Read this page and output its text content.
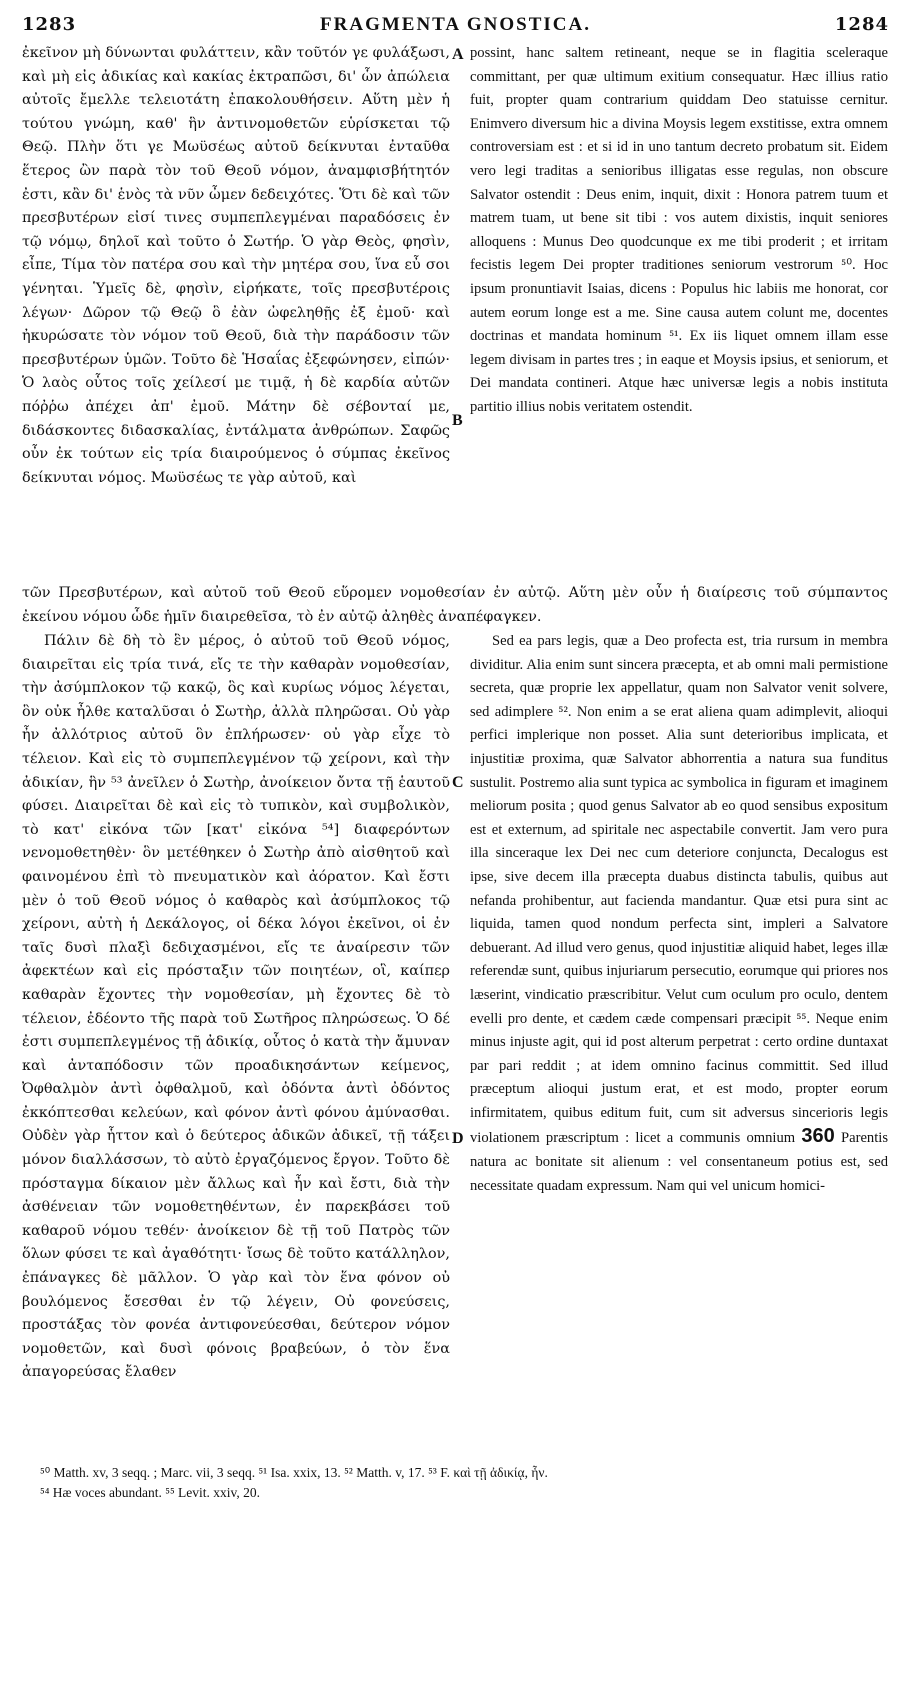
1283	FRAGMENTA GNOSTICA.	1284

ἐκεῖνον μὴ δύνωνται φυλάττειν, κἂν τοῦτόν γε φυλάξωσι, καὶ μὴ εἰς ἀδικίας καὶ κακίας ἐκτραπῶσι, δι' ὧν ἀπώλεια αὐτοῖς ἔμελλε τελειοτάτη ἐπακολουθήσειν. Αὕτη μὲν ἡ τούτου γνώμη, καθ' ἣν ἀντινομοθετῶν εὑρίσκεται τῷ Θεῷ. Πλὴν ὅτι γε Μωϋσέως αὐτοῦ δείκνυται ἐνταῦθα ἕτερος ὢν παρὰ τὸν τοῦ Θεοῦ νόμον, ἀναμφισβήτητόν ἐστι, κἂν δι' ἑνὸς τὰ νῦν ὦμεν δεδειχότες. Ὅτι δὲ καὶ τῶν πρεσβυτέρων εἰσί τινες συμπεπλεγμέναι παραδόσεις ἐν τῷ νόμῳ, δηλοῖ καὶ τοῦτο ὁ Σωτήρ. Ὁ γὰρ Θεὸς, φησὶν, εἶπε, Τίμα τὸν πατέρα σου καὶ τὴν μητέρα σου, ἵνα εὖ σοι γένηται. Ὑμεῖς δὲ, φησὶν, εἰρήκατε, τοῖς πρεσβυτέροις λέγων· Δῶρον τῷ Θεῷ ὃ ἐὰν ὠφεληθῇς ἐξ ἐμοῦ· καὶ ἠκυρώσατε τὸν νόμον τοῦ Θεοῦ, διὰ τὴν παράδοσιν τῶν πρεσβυτέρων ὑμῶν. Τοῦτο δὲ Ἡσαΐας ἐξεφώνησεν, εἰπών· Ὁ λαὸς οὗτος τοῖς χείλεσί με τιμᾷ, ἡ δὲ καρδία αὐτῶν πόῤῥω ἀπέχει ἀπ' ἐμοῦ. Μάτην δὲ σέβονταί με, διδάσκοντες διδασκαλίας, ἐντάλματα ἀνθρώπων. Σαφῶς οὖν ἐκ τούτων εἰς τρία διαιρούμενος ὁ σύμπας ἐκεῖνος δείκνυται νόμος. Μωϋσέως τε γὰρ αὐτοῦ, καὶ

possint, hanc saltem retineant, neque se in flagitia scelerаque committant, per quæ ultimum exitium consequatur. Hæc illius ratio fuit, propter quam contrarium quiddam Deo statuisse cernitur. Enimvero diversum hic a divina Moysis legem exstitisse, extra omnem controversiam est : et si id in uno tantum decreto probatum sit. Eidem vero legi traditas a senioribus illigatas esse regulas, non obscure Salvator ostendit : Deus enim, inquit, dixit : Honora patrem tuum et matrem tuam, ut bene sit tibi : vos autem dixistis, inquit seniores alloquens : Munus Deo quodcunque ex me tibi proderit ; et irritam fecistis legem Dei propter traditiones seniorum vestrorum ⁵⁰. Hoc ipsum pronuntiavit Isaias, dicens : Populus hic labiis me honorat, cor autem eorum longe est a me. Sine causa autem colunt me, docentes doctrinas et mandata hominum ⁵¹. Ex iis liquet omnem illam esse legem divisam in partes tres ; in eaque et Moysis ipsius, et seniorum, et Dei mandata contineri. Atque hæc universæ legis a nobis instituta partitio illius nobis veritatem ostendit.

A
B
C
D

τῶν Πρεσβυτέρων, καὶ αὐτοῦ τοῦ Θεοῦ εὕρομεν νομοθεσίαν ἐν αὐτῷ. Αὕτη μὲν οὖν ἡ διαίρεσις τοῦ σύμπαντος ἐκείνου νόμου ὧδε ἡμῖν διαιρεθεῖσα, τὸ ἐν αὐτῷ ἀληθὲς ἀναπέφαγκεν.

Πάλιν δὲ δὴ τὸ ἓν μέρος, ὁ αὐτοῦ τοῦ Θεοῦ νόμος, διαιρεῖται εἰς τρία τινά, εἴς τε τὴν καθαρὰν νομοθεσίαν, τὴν ἀσύμπλοκον τῷ κακῷ, ὃς καὶ κυρίως νόμος λέγεται, ὃν οὐκ ἦλθε καταλῦσαι ὁ Σωτὴρ, ἀλλὰ πληρῶσαι. Οὐ γὰρ ἦν ἀλλότριος αὐτοῦ ὃν ἐπλήρωσεν· οὐ γὰρ εἶχε τὸ τέλειον. Καὶ εἰς τὸ συμπεπλεγμένον τῷ χείρονι, καὶ τὴν ἀδικίαν, ἣν ⁵³ ἀνεῖλεν ὁ Σωτὴρ, ἀνοίκειον ὄντα τῇ ἑαυτοῦ φύσει. Διαιρεῖται δὲ καὶ εἰς τὸ τυπικὸν, καὶ συμβολικὸν, τὸ κατ' εἰκόνα τῶν [κατ' εἰκόνα ⁵⁴] διαφερόντων νενομοθετηθὲν· ὃν μετέθηκεν ὁ Σωτὴρ ἀπὸ αἰσθητοῦ καὶ φαινομένου ἐπὶ τὸ πνευματικὸν καὶ ἀόρατον. Καὶ ἔστι μὲν ὁ τοῦ Θεοῦ νόμος ὁ καθαρὸς καὶ ἀσύμπλοκος τῷ χείρονι, αὐτὴ ἡ Δεκάλογος, οἱ δέκα λόγοι ἐκεῖνοι, οἱ ἐν ταῖς δυσὶ πλαξὶ δεδιχασμένοι, εἴς τε ἀναίρεσιν τῶν ἀφεκτέων καὶ εἰς πρόσταξιν τῶν ποιητέων, οἳ, καίπερ καθαρὰν ἔχοντες τὴν νομοθεσίαν, μὴ ἔχοντες δὲ τὸ τέλειον, ἐδέοντο τῆς παρὰ τοῦ Σωτῆρος πληρώσεως. Ὁ δέ ἐστι συμπεπλεγμένος τῇ ἀδικίᾳ, οὗτος ὁ κατὰ τὴν ἄμυναν καὶ ἀνταπόδοσιν τῶν προαδικησάντων κείμενος, Ὀφθαλμὸν ἀντὶ ὀφθαλμοῦ, καὶ ὀδόντα ἀντὶ ὀδόντος ἐκκόπτεσθαι κελεύων, καὶ φόνον ἀντὶ φόνου ἀμύνασθαι. Οὐδὲν γὰρ ἧττον καὶ ὁ δεύτερος ἀδικῶν ἀδικεῖ, τῇ τάξει μόνον διαλλάσσων, τὸ αὐτὸ ἐργαζόμενος ἔργον. Τοῦτο δὲ πρόσταγμα δίκαιον μὲν ἄλλως καὶ ἦν καὶ ἔστι, διὰ τὴν ἀσθένειαν τῶν νομοθετηθέντων, ἐν παρεκβάσει τοῦ καθαροῦ νόμου τεθέν· ἀνοίκειον δὲ τῇ τοῦ Πατρὸς τῶν ὅλων φύσει τε καὶ ἀγαθότητι· ἴσως δὲ τοῦτο κατάλληλον, ἐπάναγκες δὲ μᾶλλον. Ὁ γὰρ καὶ τὸν ἕνα φόνον οὐ βουλόμενος ἔσεσθαι ἐν τῷ λέγειν, Οὐ φονεύσεις, προστάξας τὸν φονέα ἀντιφονεύεσθαι, δεύτερον νόμον νομοθετῶν, καὶ δυσὶ φόνοις βραβεύων, ὁ τὸν ἕνα ἀπαγορεύσας ἔλαθεν

Sed ea pars legis, quæ a Deo profecta est, tria rursum in membra dividitur. Alia enim sunt sincera præcepta, et ab omni mali permistione secreta, quæ proprie lex appellatur, quam non Salvator venit solvere, sed adimplere ⁵². Non enim a se erat aliena quam adimplevit, alioqui perfici implerique non posset. Alia sunt deterioribus implicata, et injustitiæ proxima, quæ Salvator abhorrentia a natura sua funditus sustulit. Postremo alia sunt typica ac symbolica in figuram et imaginem meliorum posita ; quod genus Salvator ab eo quod sensibus expositum est et externum, ad spiritale nec aspectabile convertit. Jam vero pura illa sinceraque lex Dei nec cum deteriore conjuncta, Decalogus est ipse, sive decem illa præcepta duabus distincta tabulis, quibus aut nefanda prohibentur, aut facienda mandantur. Quæ etsi pura sint ac liquida, tamen quod nondum perfecta sint, impleri a Salvatore debuerant. Ad illud vero genus, quod injustitiæ aliquid habet, leges illæ referendæ sunt, quibus injuriarum persecutio, eorumque qui priores nos læserint, vindicatio præscribitur. Velut cum oculum pro oculo, dentem evelli pro dente, et cædem cæde compensari præcipit ⁵⁵. Neque enim minus injuste agit, qui id post alterum perpetrat : certo ordine duntaxat par pari reddit ; at idem omnino facinus committit. Sed illud præceptum alioqui justum erat, et est modo, propter eorum infirmitatem, quibus editum fuit, cum sit adversus sincerioris legis violationem præscriptum : licet a communis omnium 360 Parentis natura ac bonitate sit alienum : vel consentaneum potius est, sed necessitate quadam expressum. Nam qui vel unicum homici-

⁵⁰ Matth. xv, 3 seqq. ; Marc. vii, 3 seqq. ⁵¹ Isa. xxix, 13. ⁵² Matth. v, 17. ⁵³ F. καὶ τῇ ἀδικίᾳ, ἦν.
⁵⁴ Hæ voces abundant. ⁵⁵ Levit. xxiv, 20.
